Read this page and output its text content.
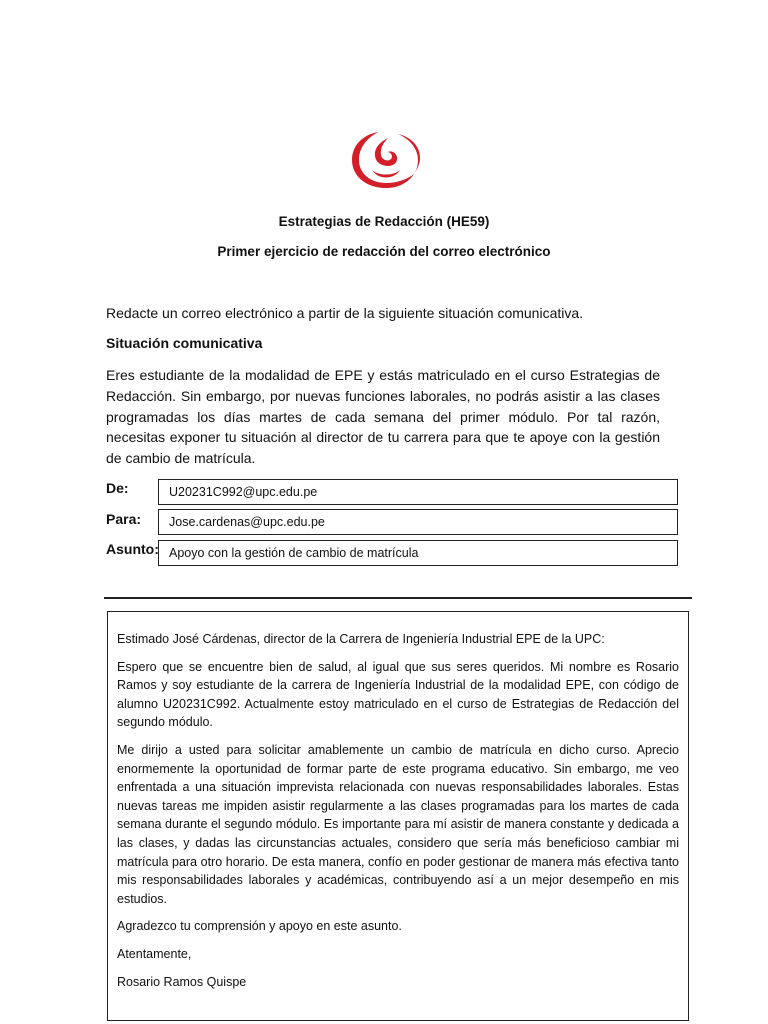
Estrategias de Redacción (HE59)
Primer ejercicio de redacción del correo electrónico
Redacte un correo electrónico a partir de la siguiente situación comunicativa.
Situación comunicativa
Eres estudiante de la modalidad de EPE y estás matriculado en el curso Estrategias de Redacción. Sin embargo, por nuevas funciones laborales, no podrás asistir a las clases programadas los días martes de cada semana del primer módulo. Por tal razón, necesitas exponer tu situación al director de tu carrera para que te apoye con la gestión de cambio de matrícula.
De:	U20231C992@upc.edu.pe
Para:	Jose.cardenas@upc.edu.pe
Asunto: Apoyo con la gestión de cambio de matrícula

Estimado José Cárdenas, director de la Carrera de Ingeniería Industrial EPE de la UPC:

Espero que se encuentre bien de salud, al igual que sus seres queridos. Mi nombre es Rosario Ramos y soy estudiante de la carrera de Ingeniería Industrial de la modalidad EPE, con código de alumno U20231C992. Actualmente estoy matriculado en el curso de Estrategias de Redacción del segundo módulo.

Me dirijo a usted para solicitar amablemente un cambio de matrícula en dicho curso. Aprecio enormemente la oportunidad de formar parte de este programa educativo. Sin embargo, me veo enfrentada a una situación imprevista relacionada con nuevas responsabilidades laborales. Estas nuevas tareas me impiden asistir regularmente a las clases programadas para los martes de cada semana durante el segundo módulo. Es importante para mí asistir de manera constante y dedicada a las clases, y dadas las circunstancias actuales, considero que sería más beneficioso cambiar mi matrícula para otro horario. De esta manera, confío en poder gestionar de manera más efectiva tanto mis responsabilidades laborales y académicas, contribuyendo así a un mejor desempeño en mis estudios.

Agradezco tu comprensión y apoyo en este asunto.

Atentamente,

Rosario Ramos Quispe
